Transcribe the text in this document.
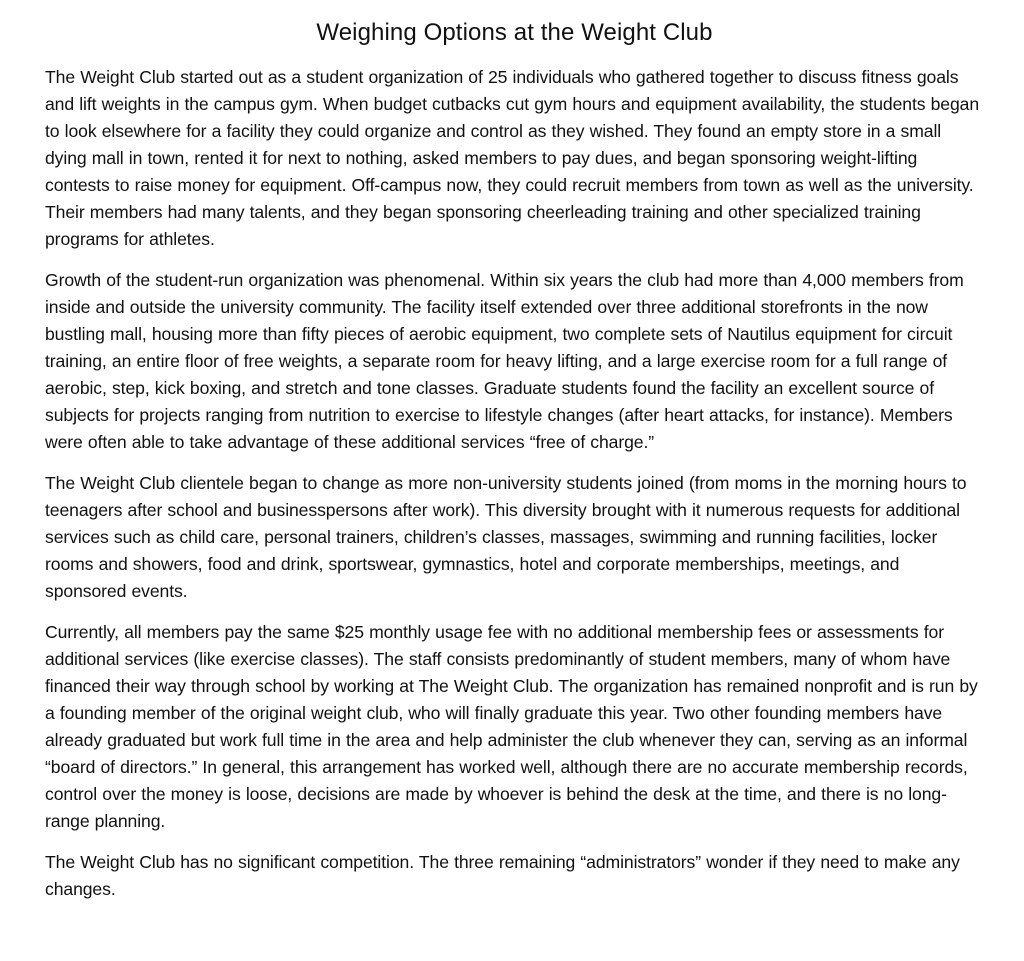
Weighing Options at the Weight Club

The Weight Club started out as a student organization of 25 individuals who gathered together to discuss fitness goals and lift weights in the campus gym. When budget cutbacks cut gym hours and equipment availability, the students began to look elsewhere for a facility they could organize and control as they wished. They found an empty store in a small dying mall in town, rented it for next to nothing, asked members to pay dues, and began sponsoring weight-lifting contests to raise money for equipment. Off-campus now, they could recruit members from town as well as the university. Their members had many talents, and they began sponsoring cheerleading training and other specialized training programs for athletes.

Growth of the student-run organization was phenomenal. Within six years the club had more than 4,000 members from inside and outside the university community. The facility itself extended over three additional storefronts in the now bustling mall, housing more than fifty pieces of aerobic equipment, two complete sets of Nautilus equipment for circuit training, an entire floor of free weights, a separate room for heavy lifting, and a large exercise room for a full range of aerobic, step, kick boxing, and stretch and tone classes. Graduate students found the facility an excellent source of subjects for projects ranging from nutrition to exercise to lifestyle changes (after heart attacks, for instance). Members were often able to take advantage of these additional services “free of charge.”

The Weight Club clientele began to change as more non-university students joined (from moms in the morning hours to teenagers after school and businesspersons after work). This diversity brought with it numerous requests for additional services such as child care, personal trainers, children’s classes, massages, swimming and running facilities, locker rooms and showers, food and drink, sportswear, gymnastics, hotel and corporate memberships, meetings, and sponsored events.

Currently, all members pay the same $25 monthly usage fee with no additional membership fees or assessments for additional services (like exercise classes). The staff consists predominantly of student members, many of whom have financed their way through school by working at The Weight Club. The organization has remained nonprofit and is run by a founding member of the original weight club, who will finally graduate this year. Two other founding members have already graduated but work full time in the area and help administer the club whenever they can, serving as an informal “board of directors.” In general, this arrangement has worked well, although there are no accurate membership records, control over the money is loose, decisions are made by whoever is behind the desk at the time, and there is no long-range planning.

The Weight Club has no significant competition. The three remaining “administrators” wonder if they need to make any changes.
